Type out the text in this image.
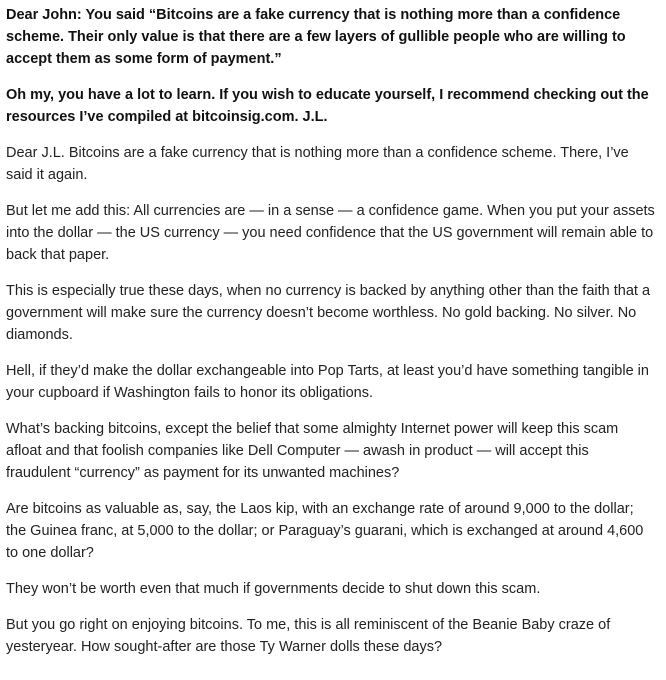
Dear John: You said “Bitcoins are a fake currency that is nothing more than a confidence scheme. Their only value is that there are a few layers of gullible people who are willing to accept them as some form of payment.”

Oh my, you have a lot to learn. If you wish to educate yourself, I recommend checking out the resources I’ve compiled at bitcoinsig.com. J.L.

Dear J.L. Bitcoins are a fake currency that is nothing more than a confidence scheme. There, I’ve said it again.

But let me add this: All currencies are — in a sense — a confidence game. When you put your assets into the dollar — the US currency — you need confidence that the US government will remain able to back that paper.

This is especially true these days, when no currency is backed by anything other than the faith that a government will make sure the currency doesn’t become worthless. No gold backing. No silver. No diamonds.

Hell, if they’d make the dollar exchangeable into Pop Tarts, at least you’d have something tangible in your cupboard if Washington fails to honor its obligations.

What’s backing bitcoins, except the belief that some almighty Internet power will keep this scam afloat and that foolish companies like Dell Computer — awash in product — will accept this fraudulent “currency” as payment for its unwanted machines?

Are bitcoins as valuable as, say, the Laos kip, with an exchange rate of around 9,000 to the dollar; the Guinea franc, at 5,000 to the dollar; or Paraguay’s guarani, which is exchanged at around 4,600 to one dollar?

They won’t be worth even that much if governments decide to shut down this scam.

But you go right on enjoying bitcoins. To me, this is all reminiscent of the Beanie Baby craze of yesteryear. How sought-after are those Ty Warner dolls these days?
